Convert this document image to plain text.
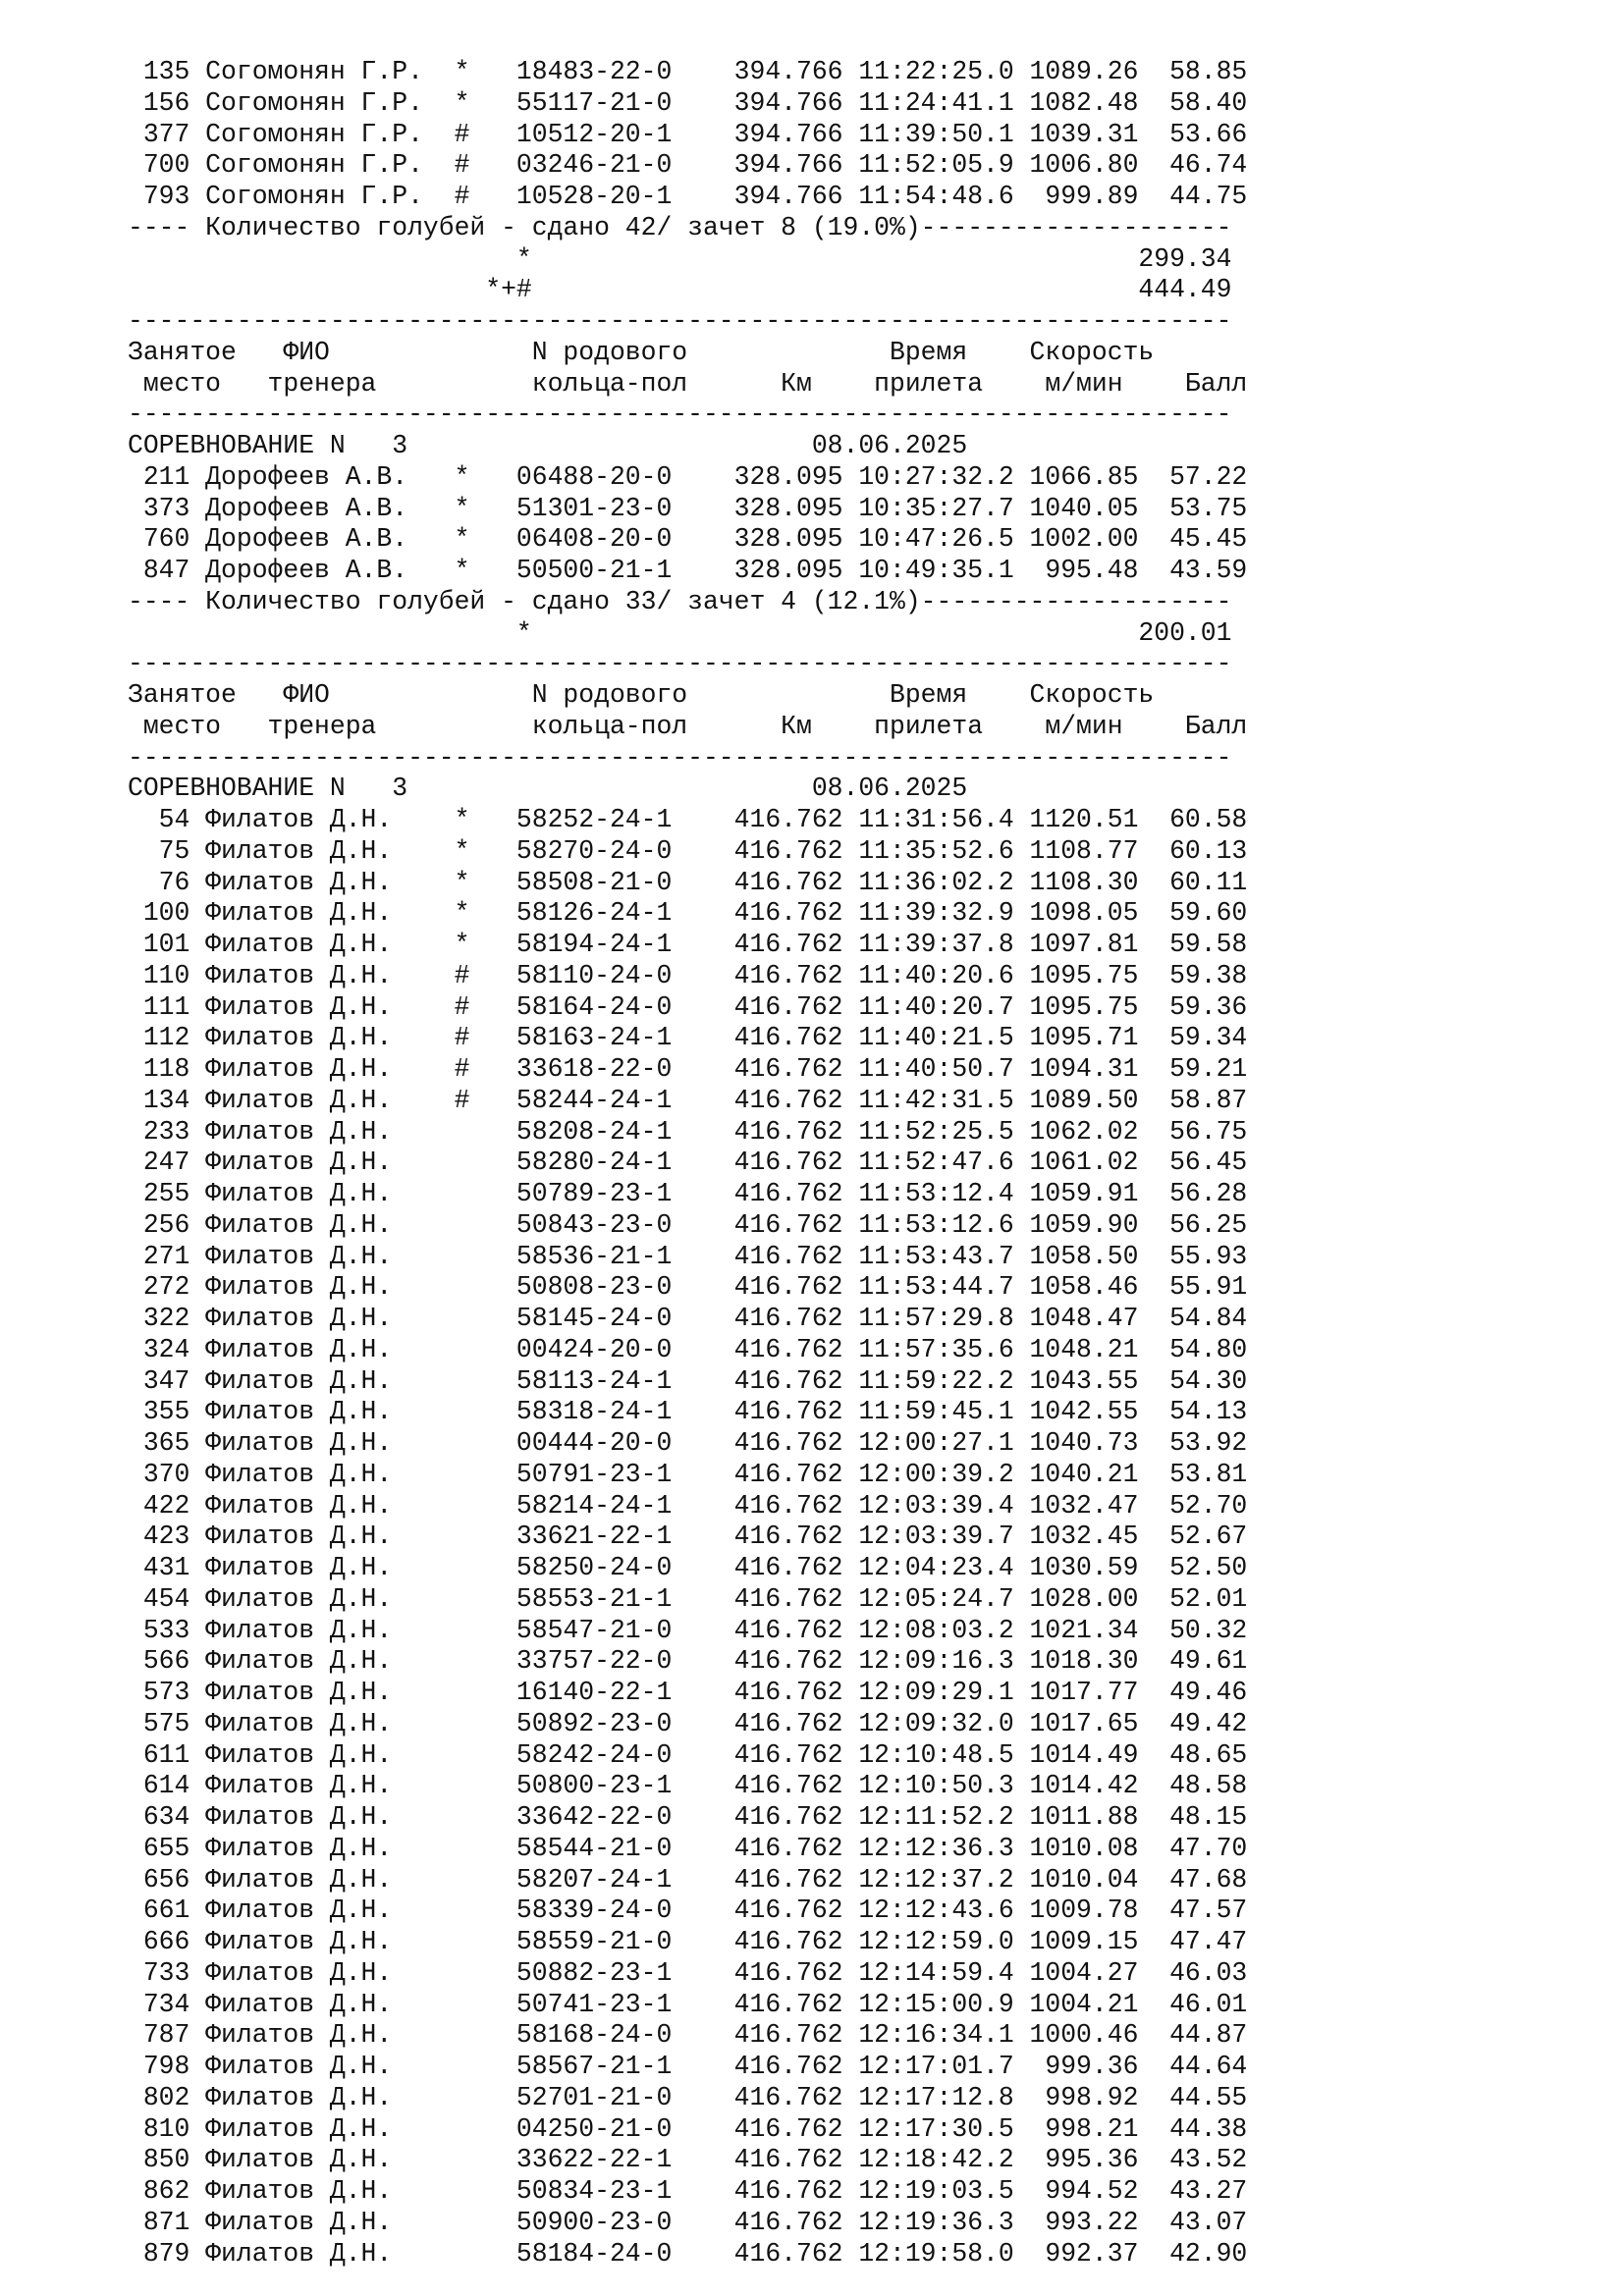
135 Согомонян Г.Р.  *   18483-22-0    394.766 11:22:25.0 1089.26  58.85
156 Согомонян Г.Р.  *   55117-21-0    394.766 11:24:41.1 1082.48  58.40
377 Согомонян Г.Р.  #   10512-20-1    394.766 11:39:50.1 1039.31  53.66
700 Согомонян Г.Р.  #   03246-21-0    394.766 11:52:05.9 1006.80  46.74
793 Согомонян Г.Р.  #   10528-20-1    394.766 11:54:48.6  999.89  44.75
---- Количество голубей - сдано 42/ зачет 8 (19.0%)--------------------
*                                       299.34
*+#                                       444.49
-----------------------------------------------------------------------
Занятое   ФИО             N родового             Время    Скорость
место   тренера          кольца-пол      Км    прилета    м/мин    Балл
-----------------------------------------------------------------------
СОРЕВНОВАНИЕ N   3                          08.06.2025
211 Дорофеев А.В.   *   06488-20-0    328.095 10:27:32.2 1066.85  57.22
373 Дорофеев А.В.   *   51301-23-0    328.095 10:35:27.7 1040.05  53.75
760 Дорофеев А.В.   *   06408-20-0    328.095 10:47:26.5 1002.00  45.45
847 Дорофеев А.В.   *   50500-21-1    328.095 10:49:35.1  995.48  43.59
---- Количество голубей - сдано 33/ зачет 4 (12.1%)--------------------
*                                       200.01
-----------------------------------------------------------------------
Занятое   ФИО             N родового             Время    Скорость
место   тренера          кольца-пол      Км    прилета    м/мин    Балл
-----------------------------------------------------------------------
СОРЕВНОВАНИЕ N   3                          08.06.2025
54 Филатов Д.Н.    *   58252-24-1    416.762 11:31:56.4 1120.51  60.58
75 Филатов Д.Н.    *   58270-24-0    416.762 11:35:52.6 1108.77  60.13
76 Филатов Д.Н.    *   58508-21-0    416.762 11:36:02.2 1108.30  60.11
100 Филатов Д.Н.    *   58126-24-1    416.762 11:39:32.9 1098.05  59.60
101 Филатов Д.Н.    *   58194-24-1    416.762 11:39:37.8 1097.81  59.58
110 Филатов Д.Н.    #   58110-24-0    416.762 11:40:20.6 1095.75  59.38
111 Филатов Д.Н.    #   58164-24-0    416.762 11:40:20.7 1095.75  59.36
112 Филатов Д.Н.    #   58163-24-1    416.762 11:40:21.5 1095.71  59.34
118 Филатов Д.Н.    #   33618-22-0    416.762 11:40:50.7 1094.31  59.21
134 Филатов Д.Н.    #   58244-24-1    416.762 11:42:31.5 1089.50  58.87
233 Филатов Д.Н.        58208-24-1    416.762 11:52:25.5 1062.02  56.75
247 Филатов Д.Н.        58280-24-1    416.762 11:52:47.6 1061.02  56.45
255 Филатов Д.Н.        50789-23-1    416.762 11:53:12.4 1059.91  56.28
256 Филатов Д.Н.        50843-23-0    416.762 11:53:12.6 1059.90  56.25
271 Филатов Д.Н.        58536-21-1    416.762 11:53:43.7 1058.50  55.93
272 Филатов Д.Н.        50808-23-0    416.762 11:53:44.7 1058.46  55.91
322 Филатов Д.Н.        58145-24-0    416.762 11:57:29.8 1048.47  54.84
324 Филатов Д.Н.        00424-20-0    416.762 11:57:35.6 1048.21  54.80
347 Филатов Д.Н.        58113-24-1    416.762 11:59:22.2 1043.55  54.30
355 Филатов Д.Н.        58318-24-1    416.762 11:59:45.1 1042.55  54.13
365 Филатов Д.Н.        00444-20-0    416.762 12:00:27.1 1040.73  53.92
370 Филатов Д.Н.        50791-23-1    416.762 12:00:39.2 1040.21  53.81
422 Филатов Д.Н.        58214-24-1    416.762 12:03:39.4 1032.47  52.70
423 Филатов Д.Н.        33621-22-1    416.762 12:03:39.7 1032.45  52.67
431 Филатов Д.Н.        58250-24-0    416.762 12:04:23.4 1030.59  52.50
454 Филатов Д.Н.        58553-21-1    416.762 12:05:24.7 1028.00  52.01
533 Филатов Д.Н.        58547-21-0    416.762 12:08:03.2 1021.34  50.32
566 Филатов Д.Н.        33757-22-0    416.762 12:09:16.3 1018.30  49.61
573 Филатов Д.Н.        16140-22-1    416.762 12:09:29.1 1017.77  49.46
575 Филатов Д.Н.        50892-23-0    416.762 12:09:32.0 1017.65  49.42
611 Филатов Д.Н.        58242-24-0    416.762 12:10:48.5 1014.49  48.65
614 Филатов Д.Н.        50800-23-1    416.762 12:10:50.3 1014.42  48.58
634 Филатов Д.Н.        33642-22-0    416.762 12:11:52.2 1011.88  48.15
655 Филатов Д.Н.        58544-21-0    416.762 12:12:36.3 1010.08  47.70
656 Филатов Д.Н.        58207-24-1    416.762 12:12:37.2 1010.04  47.68
661 Филатов Д.Н.        58339-24-0    416.762 12:12:43.6 1009.78  47.57
666 Филатов Д.Н.        58559-21-0    416.762 12:12:59.0 1009.15  47.47
733 Филатов Д.Н.        50882-23-1    416.762 12:14:59.4 1004.27  46.03
734 Филатов Д.Н.        50741-23-1    416.762 12:15:00.9 1004.21  46.01
787 Филатов Д.Н.        58168-24-0    416.762 12:16:34.1 1000.46  44.87
798 Филатов Д.Н.        58567-21-1    416.762 12:17:01.7  999.36  44.64
802 Филатов Д.Н.        52701-21-0    416.762 12:17:12.8  998.92  44.55
810 Филатов Д.Н.        04250-21-0    416.762 12:17:30.5  998.21  44.38
850 Филатов Д.Н.        33622-22-1    416.762 12:18:42.2  995.36  43.52
862 Филатов Д.Н.        50834-23-1    416.762 12:19:03.5  994.52  43.27
871 Филатов Д.Н.        50900-23-0    416.762 12:19:36.3  993.22  43.07
879 Филатов Д.Н.        58184-24-0    416.762 12:19:58.0  992.37  42.90
